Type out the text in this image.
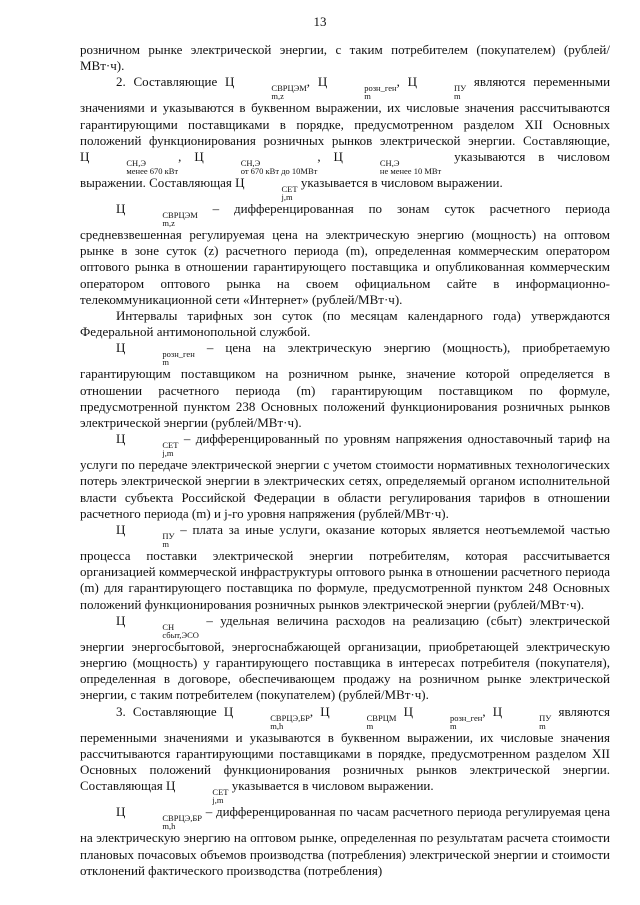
13

розничном рынке электрической энергии, с таким потребителем (покупателем) (рублей/МВт·ч).

2. Составляющие Ц	СВРЦЭМ
m,z
, Ц	розн_ген
m
, Ц	ПУ
m
являются переменными значениями и указываются в буквенном выражении, их числовые значения рассчитываются гарантирующими поставщиками в порядке, предусмотренном разделом XII Основных положений функционирования розничных рынков электрической энергии. Составляющие, Ц	СН,Э
менее 670 кВт
, Ц	СН,Э
от 670 кВт до 10МВт
, Ц	СН,Э
не менее 10 МВт
указываются в числовом выражении. Составляющая Ц	СЕТ
j,m
указывается в числовом выражении.

Ц	СВРЦЭМ
m,z
– дифференцированная по зонам суток расчетного периода средневзвешенная регулируемая цена на электрическую энергию (мощность) на оптовом рынке в зоне суток (z) расчетного периода (m), определенная коммерческим оператором оптового рынка в отношении гарантирующего поставщика и опубликованная коммерческим оператором оптового рынка на своем официальном сайте в информационно-телекоммуникационной сети «Интернет» (рублей/МВт·ч).

Интервалы тарифных зон суток (по месяцам календарного года) утверждаются Федеральной антимонопольной службой.

Ц	розн_ген
m
– цена на электрическую энергию (мощность), приобретаемую гарантирующим поставщиком на розничном рынке, значение которой определяется в отношении расчетного периода (m) гарантирующим поставщиком по формуле, предусмотренной пунктом 238 Основных положений функционирования розничных рынков электрической энергии (рублей/МВт·ч).

Ц	СЕТ
j,m
– дифференцированный по уровням напряжения одноставочный тариф на услуги по передаче электрической энергии с учетом стоимости нормативных технологических потерь электрической энергии в электрических сетях, определяемый органом исполнительной власти субъекта Российской Федерации в области регулирования тарифов в отношении расчетного периода (m) и j-го уровня напряжения (рублей/МВт·ч).

Ц	ПУ
m
– плата за иные услуги, оказание которых является неотъемлемой частью процесса поставки электрической энергии потребителям, которая рассчитывается организацией коммерческой инфраструктуры оптового рынка в отношении расчетного периода (m) для гарантирующего поставщика по формуле, предусмотренной пунктом 248 Основных положений функционирования розничных рынков электрической энергии (рублей/МВт·ч).

Ц	СН
сбыт,ЭСО
– удельная величина расходов на реализацию (сбыт) электрической энергии энергосбытовой, энергоснабжающей организации, приобретающей электрическую энергию (мощность) у гарантирующего поставщика в интересах потребителя (покупателя), определенная в договоре, обеспечивающем продажу на розничном рынке электрической энергии, с таким потребителем (покупателем) (рублей/МВт·ч).

3. Составляющие Ц	СВРЦЭ,БР
m,h
, Ц	СВРЦМ
m
Ц	розн_ген
m
, Ц	ПУ
m
являются переменными значениями и указываются в буквенном выражении, их числовые значения рассчитываются гарантирующими поставщиками в порядке, предусмотренном разделом XII Основных положений функционирования розничных рынков электрической энергии. Составляющая Ц	СЕТ
j,m
указывается в числовом выражении.

Ц	СВРЦЭ,БР
m,h
– дифференцированная по часам расчетного периода регулируемая цена на электрическую энергию на оптовом рынке, определенная по результатам расчета стоимости плановых почасовых объемов производства (потребления) электрической энергии и стоимости отклонений фактического производства (потребления)
